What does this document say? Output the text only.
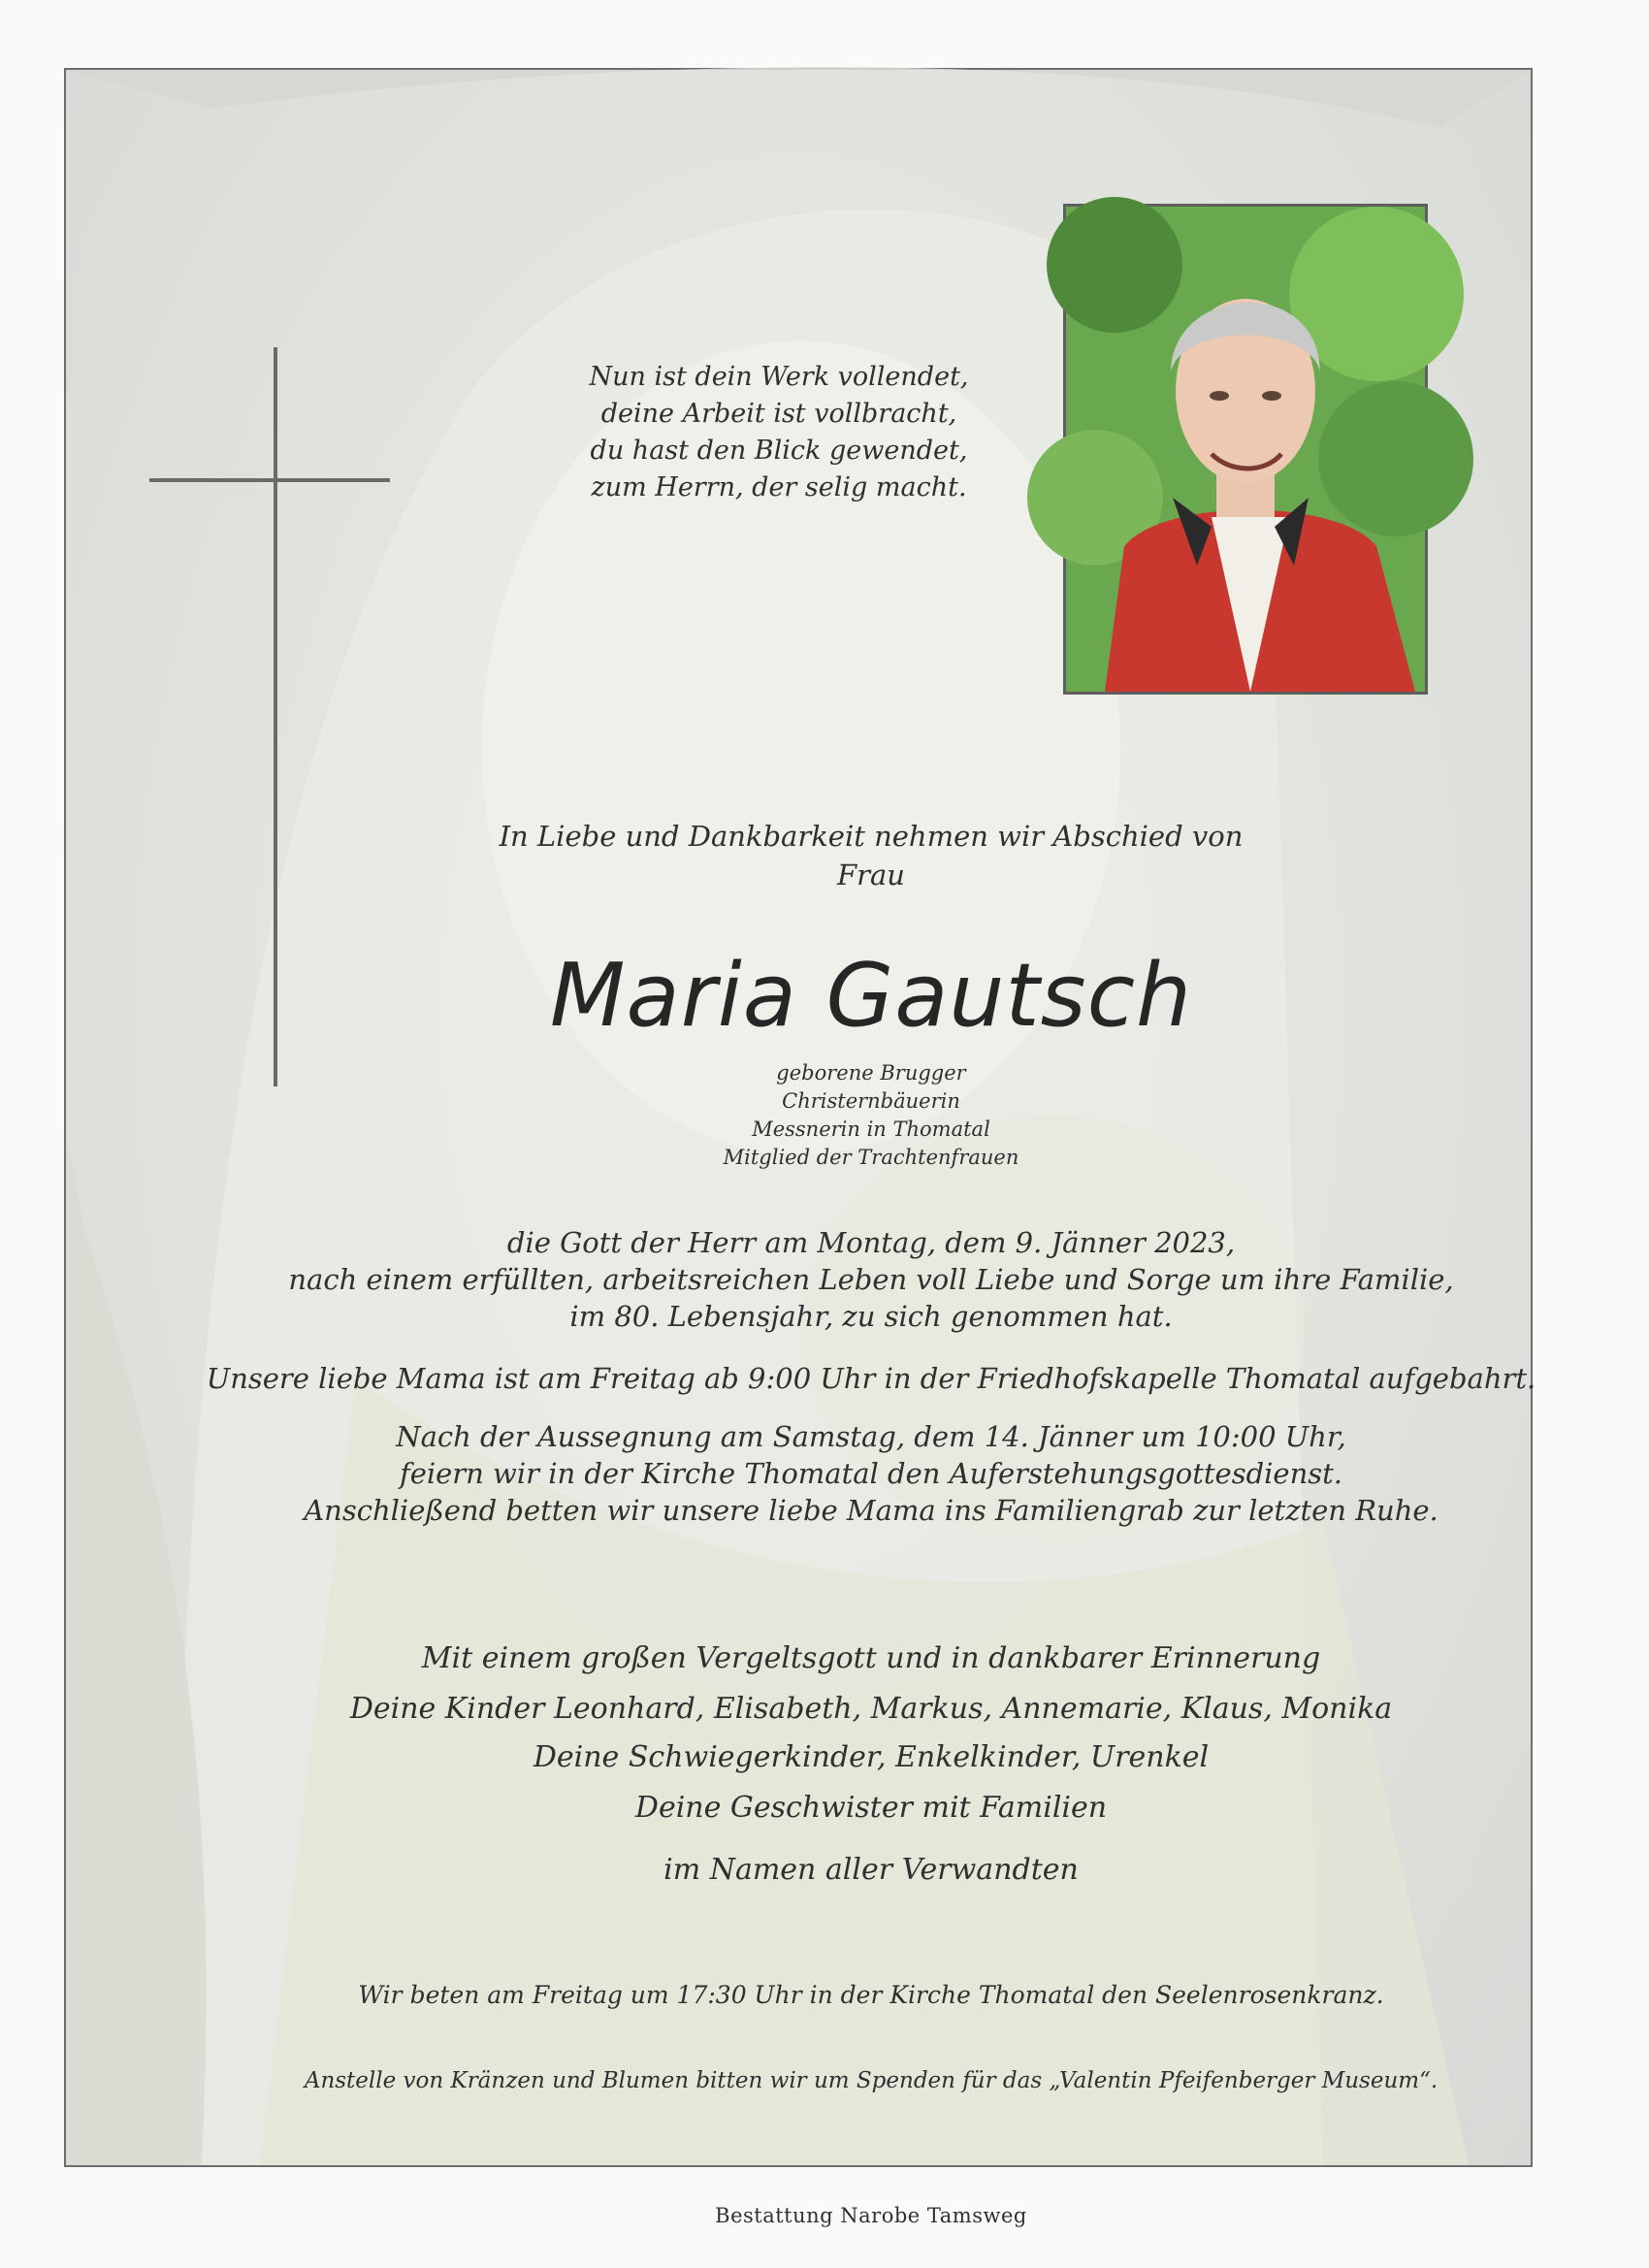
Nun ist dein Werk vollendet,
deine Arbeit ist vollbracht,
du hast den Blick gewendet,
zum Herrn, der selig macht.
In Liebe und Dankbarkeit nehmen wir Abschied von
Frau
Maria Gautsch
geborene Brugger
Christernbäuerin
Messnerin in Thomatal
Mitglied der Trachtenfrauen
die Gott der Herr am Montag, dem 9. Jänner 2023,
nach einem erfüllten, arbeitsreichen Leben voll Liebe und Sorge um ihre Familie,
im 80. Lebensjahr, zu sich genommen hat.
Unsere liebe Mama ist am Freitag ab 9:00 Uhr in der Friedhofskapelle Thomatal aufgebahrt.
Nach der Aussegnung am Samstag, dem 14. Jänner um 10:00 Uhr,
feiern wir in der Kirche Thomatal den Auferstehungsgottesdienst.
Anschließend betten wir unsere liebe Mama ins Familiengrab zur letzten Ruhe.
Mit einem großen Vergeltsgott und in dankbarer Erinnerung
Deine Kinder Leonhard, Elisabeth, Markus, Annemarie, Klaus, Monika
Deine Schwiegerkinder, Enkelkinder, Urenkel
Deine Geschwister mit Familien
im Namen aller Verwandten
Wir beten am Freitag um 17:30 Uhr in der Kirche Thomatal den Seelenrosenkranz.
Anstelle von Kränzen und Blumen bitten wir um Spenden für das „Valentin Pfeifenberger Museum“.
Bestattung Narobe Tamsweg
